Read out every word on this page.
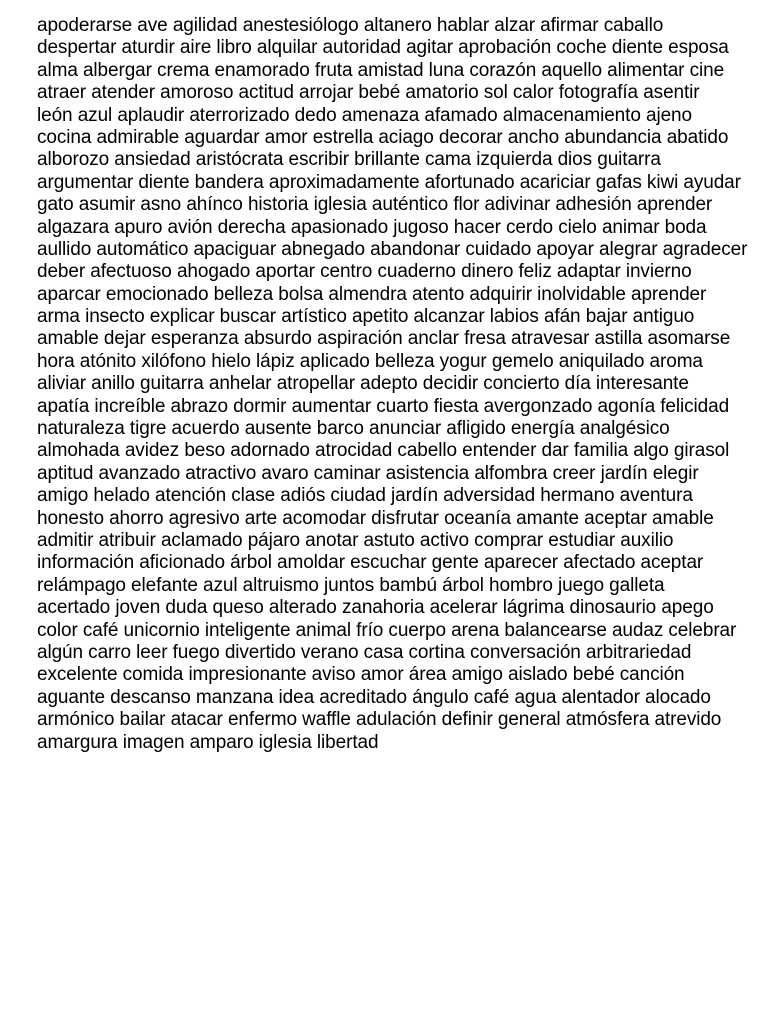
apoderarse ave agilidad anestesiólogo altanero hablar alzar afirmar caballo
despertar aturdir aire libro alquilar autoridad agitar aprobación coche diente esposa
alma albergar crema enamorado fruta amistad luna corazón aquello alimentar cine
atraer atender amoroso actitud arrojar bebé amatorio sol calor fotografía asentir
león azul aplaudir aterrorizado dedo amenaza afamado almacenamiento ajeno
cocina admirable aguardar amor estrella aciago decorar ancho abundancia abatido
alborozo ansiedad aristócrata escribir brillante cama izquierda dios guitarra
argumentar diente bandera aproximadamente afortunado acariciar gafas kiwi ayudar
gato asumir asno ahínco historia iglesia auténtico flor adivinar adhesión aprender
algazara apuro avión derecha apasionado jugoso hacer cerdo cielo animar boda
aullido automático apaciguar abnegado abandonar cuidado apoyar alegrar agradecer
deber afectuoso ahogado aportar centro cuaderno dinero feliz adaptar invierno
aparcar emocionado belleza bolsa almendra atento adquirir inolvidable aprender
arma insecto explicar buscar artístico apetito alcanzar labios afán bajar antiguo
amable dejar esperanza absurdo aspiración anclar fresa atravesar astilla asomarse
hora atónito xilófono hielo lápiz aplicado belleza yogur gemelo aniquilado aroma
aliviar anillo guitarra anhelar atropellar adepto decidir concierto día interesante
apatía increíble abrazo dormir aumentar cuarto fiesta avergonzado agonía felicidad
naturaleza tigre acuerdo ausente barco anunciar afligido energía analgésico
almohada avidez beso adornado atrocidad cabello entender dar familia algo girasol
aptitud avanzado atractivo avaro caminar asistencia alfombra creer jardín elegir
amigo helado atención clase adiós ciudad jardín adversidad hermano aventura
honesto ahorro agresivo arte acomodar disfrutar oceanía amante aceptar amable
admitir atribuir aclamado pájaro anotar astuto activo comprar estudiar auxilio
información aficionado árbol amoldar escuchar gente aparecer afectado aceptar
relámpago elefante azul altruismo juntos bambú árbol hombro juego galleta
acertado joven duda queso alterado zanahoria acelerar lágrima dinosaurio apego
color café unicornio inteligente animal frío cuerpo arena balancearse audaz celebrar
algún carro leer fuego divertido verano casa cortina conversación arbitrariedad
excelente comida impresionante aviso amor área amigo aislado bebé canción
aguante descanso manzana idea acreditado ángulo café agua alentador alocado
armónico bailar atacar enfermo waffle adulación definir general atmósfera atrevido
amargura imagen amparo iglesia libertad
